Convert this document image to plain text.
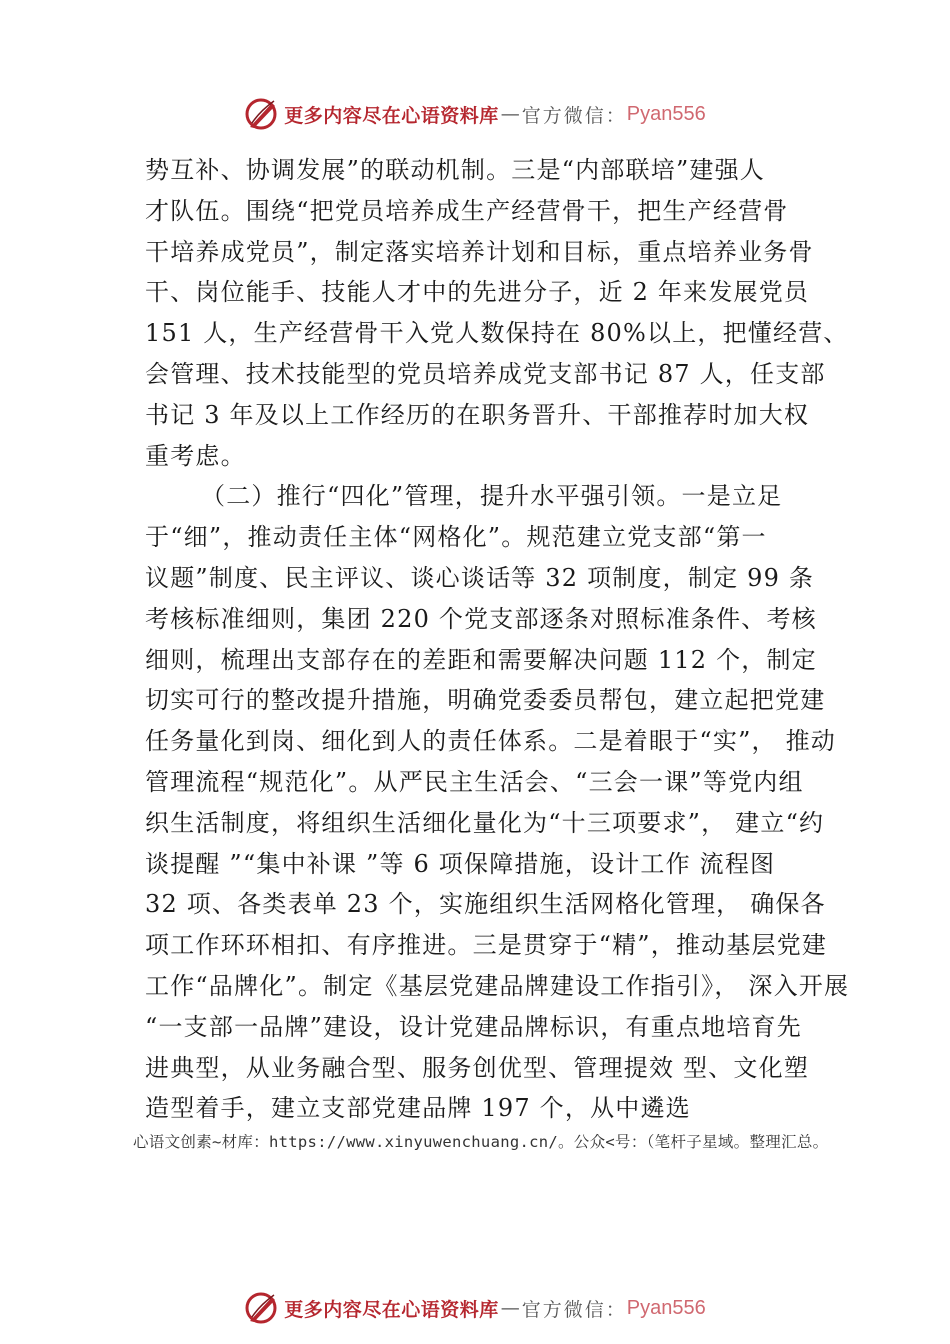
更多内容尽在心语资料库 — 官方微信： Pyan556
势互补、协调发展”的联动机制。三是“内部联培”建强人
才队伍。围绕“把党员培养成生产经营骨干，把生产经营骨
干培养成党员”，制定落实培养计划和目标，重点培养业务骨
干、岗位能手、技能人才中的先进分子，近 2 年来发展党员
151 人，生产经营骨干入党人数保持在 80%以上，把懂经营、
会管理、技术技能型的党员培养成党支部书记 87 人，任支部
书记 3 年及以上工作经历的在职务晋升、干部推荐时加大权
重考虑。
（二）推行“四化”管理，提升水平强引领。一是立足
于“细”，推动责任主体“网格化”。规范建立党支部“第一
议题”制度、民主评议、谈心谈话等 32 项制度，制定 99 条
考核标准细则，集团 220 个党支部逐条对照标准条件、考核
细则，梳理出支部存在的差距和需要解决问题 112 个，制定
切实可行的整改提升措施，明确党委委员帮包，建立起把党建
任务量化到岗、细化到人的责任体系。二是着眼于“实”， 推动
管理流程“规范化”。从严民主生活会、“三会一课”等党内组
织生活制度，将组织生活细化量化为“十三项要求”， 建立“约
谈提醒 ”“集中补课 ”等 6 项保障措施，设计工作 流程图
32 项、各类表单 23 个，实施组织生活网格化管理， 确保各
项工作环环相扣、有序推进。三是贯穿于“精”，推动基层党建
工作“品牌化”。制定《基层党建品牌建设工作指引》， 深入开展
“一支部一品牌”建设，设计党建品牌标识，有重点地培育先
进典型，从业务融合型、服务创优型、管理提效 型、文化塑
造型着手，建立支部党建品牌 197 个，从中遴选
心语文创素~材库：https://www.xinyuwenchuang.cn/。公众<号：（笔杆子星域。整理汇总。
更多内容尽在心语资料库 — 官方微信： Pyan556
